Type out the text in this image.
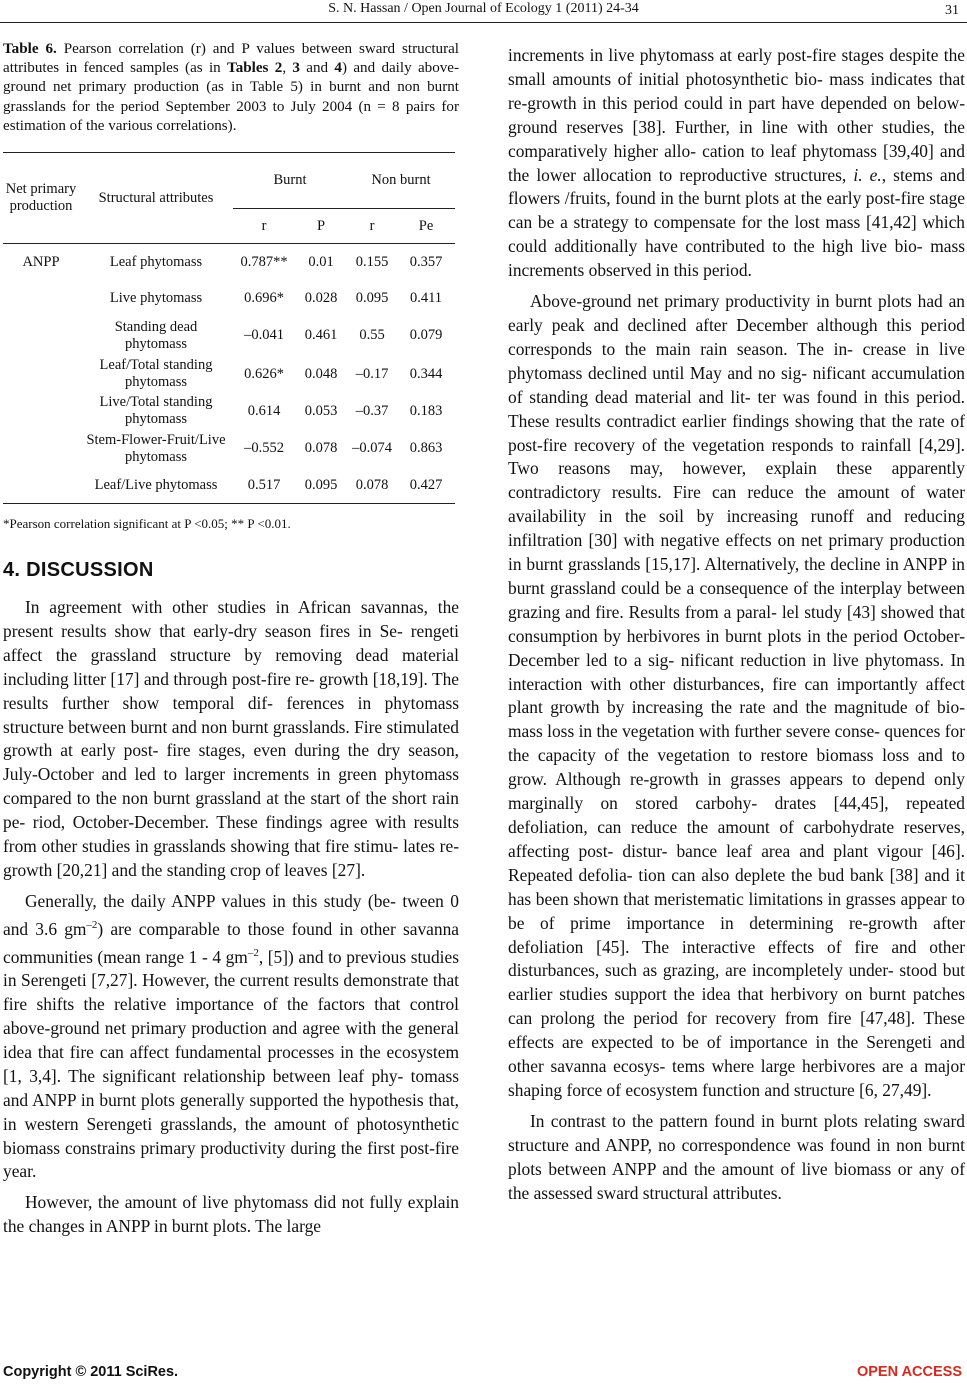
S. N. Hassan / Open Journal of Ecology 1 (2011) 24-34	31

Table 6. Pearson correlation (r) and P values between sward structural attributes in fenced samples (as in Tables 2, 3 and 4) and daily above-ground net primary production (as in Table 5) in burnt and non burnt grasslands for the period September 2003 to July 2004 (n = 8 pairs for estimation of the various correlations).

Net primary production	Structural attributes	Burnt		Non burnt	
		r	P	r	Pe
ANPP	Leaf phytomass	0.787**	0.01	0.155	0.357
	Live phytomass	0.696*	0.028	0.095	0.411
	Standing dead phytomass	–0.041	0.461	0.55	0.079
	Leaf/Total standing phytomass	0.626*	0.048	–0.17	0.344
	Live/Total standing phytomass	0.614	0.053	–0.37	0.183
	Stem-Flower-Fruit/Live phytomass	–0.552	0.078	–0.074	0.863
	Leaf/Live phytomass	0.517	0.095	0.078	0.427
*Pearson correlation significant at P <0.05; ** P <0.01.
4. DISCUSSION

In agreement with other studies in African savannas, the present results show that early-dry season fires in Se- rengeti affect the grassland structure by removing dead material including litter [17] and through post-fire re- growth [18,19]. The results further show temporal dif- ferences in phytomass structure between burnt and non burnt grasslands. Fire stimulated growth at early post- fire stages, even during the dry season, July-October and led to larger increments in green phytomass compared to the non burnt grassland at the start of the short rain pe- riod, October-December. These findings agree with results from other studies in grasslands showing that fire stimu- lates re-growth [20,21] and the standing crop of leaves [27].

Generally, the daily ANPP values in this study (be- tween 0 and 3.6 $gm^{-2}$) are comparable to those found in other savanna communities (mean range 1 - 4 $gm^{-2}$, [5]) and to previous studies in Serengeti [7,27]. However, the current results demonstrate that fire shifts the relative importance of the factors that control above-ground net primary production and agree with the general idea that fire can affect fundamental processes in the ecosystem [1, 3,4]. The significant relationship between leaf phy- tomass and ANPP in burnt plots generally supported the hypothesis that, in western Serengeti grasslands, the amount of photosynthetic biomass constrains primary productivity during the first post-fire year.

However, the amount of live phytomass did not fully explain the changes in ANPP in burnt plots. The large

increments in live phytomass at early post-fire stages despite the small amounts of initial photosynthetic bio- mass indicates that re-growth in this period could in part have depended on below-ground reserves [38]. Further, in line with other studies, the comparatively higher allo- cation to leaf phytomass [39,40] and the lower allocation to reproductive structures, i. e., stems and flowers /fruits, found in the burnt plots at the early post-fire stage can be a strategy to compensate for the lost mass [41,42] which could additionally have contributed to the high live bio- mass increments observed in this period.

Above-ground net primary productivity in burnt plots had an early peak and declined after December although this period corresponds to the main rain season. The in- crease in live phytomass declined until May and no sig- nificant accumulation of standing dead material and lit- ter was found in this period. These results contradict earlier findings showing that the rate of post-fire recovery of the vegetation responds to rainfall [4,29]. Two reasons may, however, explain these apparently contradictory results. Fire can reduce the amount of water availability in the soil by increasing runoff and reducing infiltration [30] with negative effects on net primary production in burnt grasslands [15,17]. Alternatively, the decline in ANPP in burnt grassland could be a consequence of the interplay between grazing and fire. Results from a paral- lel study [43] showed that consumption by herbivores in burnt plots in the period October-December led to a sig- nificant reduction in live phytomass. In interaction with other disturbances, fire can importantly affect plant growth by increasing the rate and the magnitude of bio- mass loss in the vegetation with further severe conse- quences for the capacity of the vegetation to restore biomass loss and to grow. Although re-growth in grasses appears to depend only marginally on stored carbohy- drates [44,45], repeated defoliation, can reduce the amount of carbohydrate reserves, affecting post- distur- bance leaf area and plant vigour [46]. Repeated defolia- tion can also deplete the bud bank [38] and it has been shown that meristematic limitations in grasses appear to be of prime importance in determining re-growth after defoliation [45]. The interactive effects of fire and other disturbances, such as grazing, are incompletely under- stood but earlier studies support the idea that herbivory on burnt patches can prolong the period for recovery from fire [47,48]. These effects are expected to be of importance in the Serengeti and other savanna ecosys- tems where large herbivores are a major shaping force of ecosystem function and structure [6, 27,49].

In contrast to the pattern found in burnt plots relating sward structure and ANPP, no correspondence was found in non burnt plots between ANPP and the amount of live biomass or any of the assessed sward structural attributes.

Copyright © 2011 SciRes.	OPEN ACCESS
